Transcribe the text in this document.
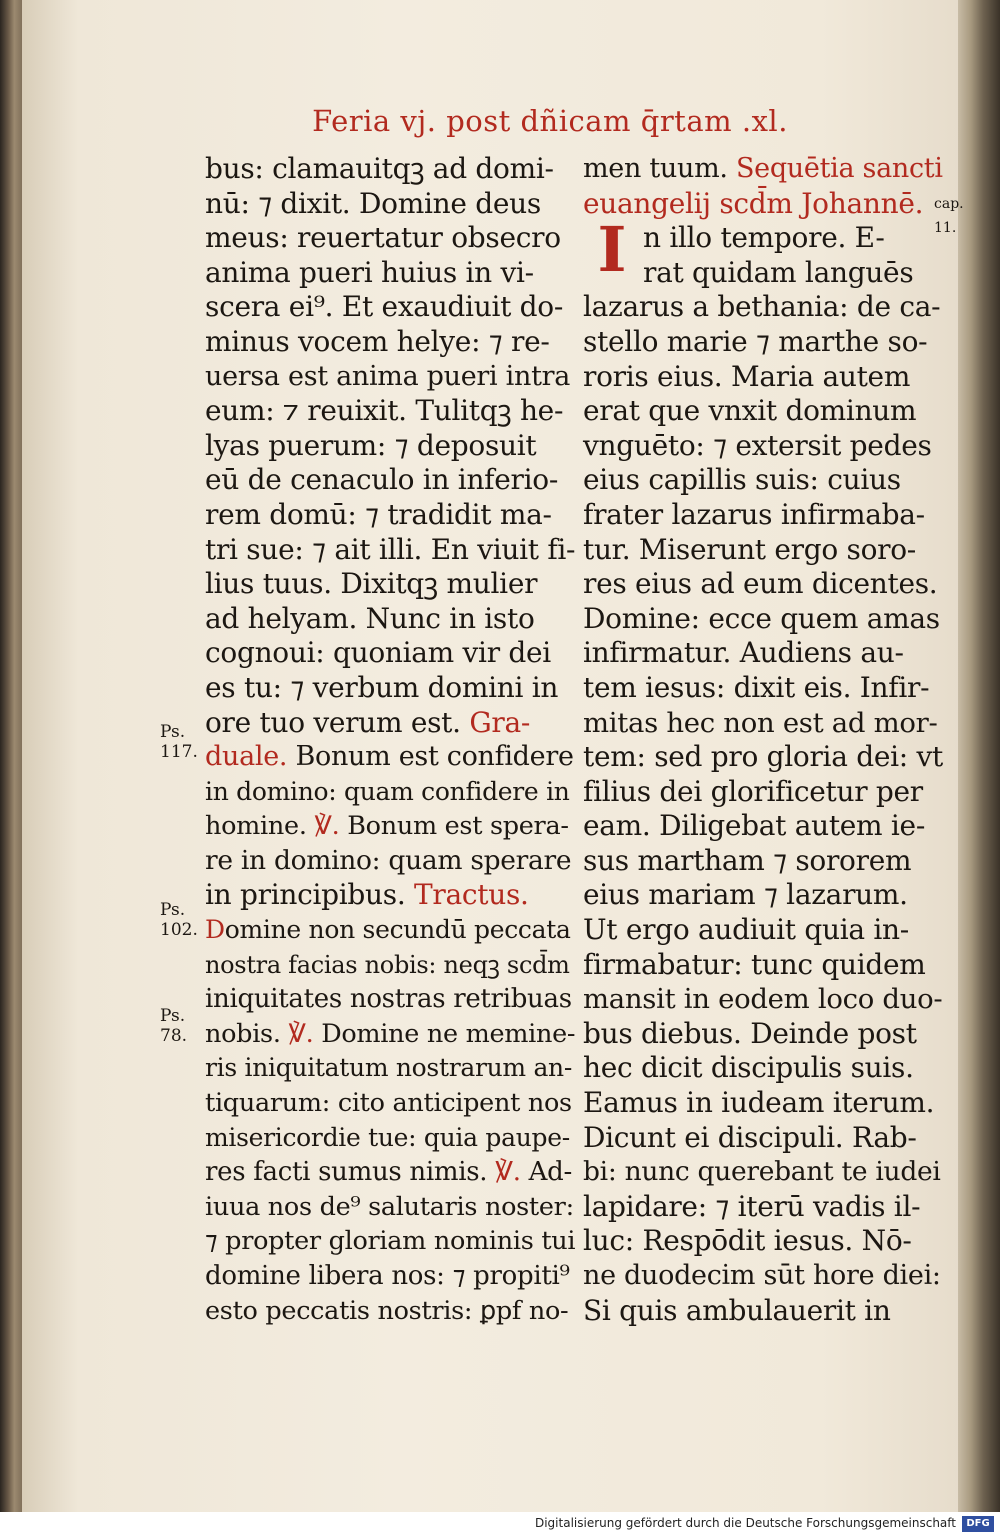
Feria vj. post dñicam q̄rtam .xl.
bus: clamauitqꝫ ad domi-
nū: ⁊ dixit. Domine deus
meus: reuertatur obsecro
anima pueri huius in vi-
scera ei⁹. Et exaudiuit do-
minus vocem helye: ⁊ re-
uersa est anima pueri intra
eum: ⁊ reuixit. Tulitqꝫ he-
lyas puerum: ⁊ deposuit
eū de cenaculo in inferio-
rem domū: ⁊ tradidit ma-
tri sue: ⁊ ait illi. En viuit fi-
lius tuus. Dixitqꝫ mulier
ad helyam. Nunc in isto
cognoui: quoniam vir dei
es tu: ⁊ verbum domini in
ore tuo verum est. Gra-
duale. Bonum est confidere
in domino: quam confidere in
homine. ℣. Bonum est spera-
re in domino: quam sperare
in principibus. Tractus.
Domine non secundū peccata
nostra facias nobis: neqꝫ scd̄m
iniquitates nostras retribuas
nobis. ℣. Domine ne memine-
ris iniquitatum nostrarum an-
tiquarum: cito anticipent nos
misericordie tue: quia paupe-
res facti sumus nimis. ℣. Ad-
iuua nos de⁹ salutaris noster:
⁊ propter gloriam nominis tui
domine libera nos: ⁊ propiti⁹
esto peccatis nostris: ꝑpf no-
I
men tuum. Sequētia sancti
euangelij scd̄m Johannē.
n illo tempore. E-
rat quidam languēs
lazarus a bethania: de ca-
stello marie ⁊ marthe so-
roris eius. Maria autem
erat que vnxit dominum
vnguēto: ⁊ extersit pedes
eius capillis suis: cuius
frater lazarus infirmaba-
tur. Miserunt ergo soro-
res eius ad eum dicentes.
Domine: ecce quem amas
infirmatur. Audiens au-
tem iesus: dixit eis. Infir-
mitas hec non est ad mor-
tem: sed pro gloria dei: vt
filius dei glorificetur per
eam. Diligebat autem ie-
sus martham ⁊ sororem
eius mariam ⁊ lazarum.
Ut ergo audiuit quia in-
firmabatur: tunc quidem
mansit in eodem loco duo-
bus diebus. Deinde post
hec dicit discipulis suis.
Eamus in iudeam iterum.
Dicunt ei discipuli. Rab-
bi: nunc querebant te iudei
lapidare: ⁊ iterū vadis il-
luc: Respōdit iesus. Nō-
ne duodecim sūt hore diei:
Si quis ambulauerit in
Ps.
117.
Ps.
102.
Ps.
78.
cap.
11.
Digitalisierung gefördert durch die Deutsche Forschungsgemeinschaft	DFG
